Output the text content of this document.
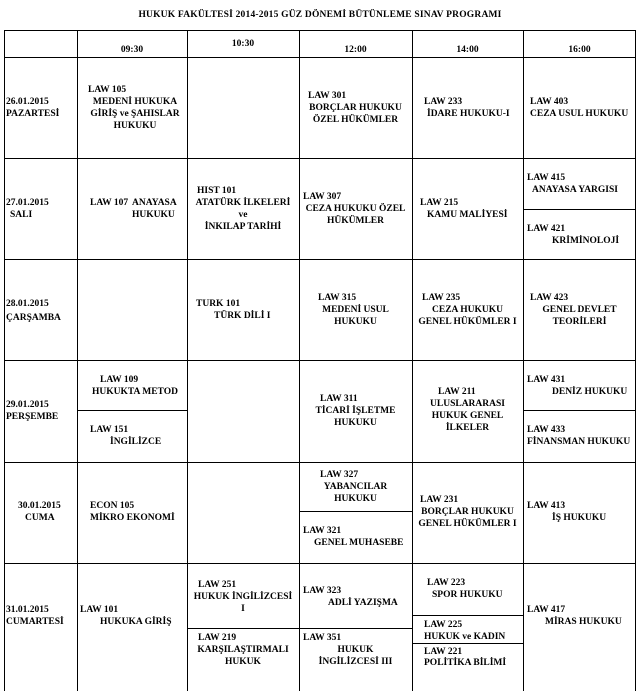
HUKUK FAKÜLTESİ 2014-2015 GÜZ DÖNEMİ BÜTÜNLEME SINAV PROGRAMI
09:30
10:30
12:00	14:00	16:00
26.01.2015
PAZARTESİ
27.01.2015
SALI
28.01.2015
ÇARŞAMBA
29.01.2015
PERŞEMBE
30.01.2015
CUMA
31.01.2015
CUMARTESİ
LAW 105
MEDENİ HUKUKA
GİRİŞ ve ŞAHISLAR
HUKUKU
LAW 301
BORÇLAR HUKUKU
ÖZEL HÜKÜMLER
LAW 233
İDARE HUKUKU-I
LAW 403
CEZA USUL HUKUKU
LAW 107 ANAYASA
HUKUKU
HIST 101
ATATÜRK İLKELERİ
ve
İNKILAP TARİHİ
LAW 307
CEZA HUKUKU ÖZEL
HÜKÜMLER
LAW 215
KAMU MALİYESİ
LAW 415
ANAYASA YARGISI
LAW 421
KRİMİNOLOJİ
TURK 101
TÜRK DİLİ I
LAW 315
MEDENİ USUL
HUKUKU
LAW 235
CEZA HUKUKU
GENEL HÜKÜMLER I
LAW 423
GENEL DEVLET
TEORİLERİ
LAW 109
HUKUKTA METOD
LAW 151
İNGİLİZCE
LAW 311
TİCARİ İŞLETME
HUKUKU
LAW 211
ULUSLARARASI
HUKUK GENEL
İLKELER
LAW 431
DENİZ HUKUKU
LAW 433
FİNANSMAN HUKUKU
ECON 105
MİKRO EKONOMİ
LAW 327
YABANCILAR
HUKUKU
LAW 321
GENEL MUHASEBE
LAW 231
BORÇLAR HUKUKU
GENEL HÜKÜMLER I
LAW 413
İŞ HUKUKU
LAW 101
HUKUKA GİRİŞ
LAW 251
HUKUK İNGİLİZCESİ
I
LAW 219
KARŞILAŞTIRMALI
HUKUK
LAW 323
ADLİ YAZIŞMA
LAW 351
HUKUK
İNGİLİZCESİ III
LAW 223
SPOR HUKUKU
LAW 225
HUKUK ve KADIN
LAW 221
POLİTİKA BİLİMİ
LAW 417
MİRAS HUKUKU
